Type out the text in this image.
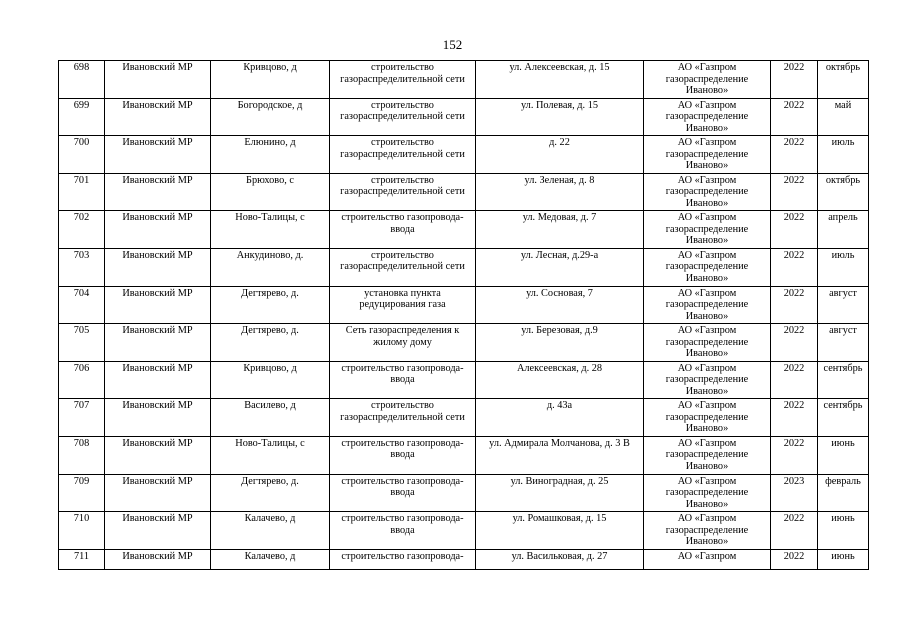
152
698	Ивановский МР	Кривцово, д	строительство газораспределительной сети	ул. Алексеевская, д. 15	АО «Газпром газораспределение Иваново»	2022	октябрь
699	Ивановский МР	Богородское, д	строительство газораспределительной сети	ул. Полевая, д. 15	АО «Газпром газораспределение Иваново»	2022	май
700	Ивановский МР	Елюнино, д	строительство газораспределительной сети	д. 22	АО «Газпром газораспределение Иваново»	2022	июль
701	Ивановский МР	Брюхово, с	строительство газораспределительной сети	ул. Зеленая, д. 8	АО «Газпром газораспределение Иваново»	2022	октябрь
702	Ивановский МР	Ново-Талицы, с	строительство газопровода-ввода	ул. Медовая, д. 7	АО «Газпром газораспределение Иваново»	2022	апрель
703	Ивановский МР	Анкудиново, д.	строительство газораспределительной сети	ул. Лесная, д.29-а	АО «Газпром газораспределение Иваново»	2022	июль
704	Ивановский МР	Дегтярево, д.	установка пункта редуцирования газа	ул. Сосновая, 7	АО «Газпром газораспределение Иваново»	2022	август
705	Ивановский МР	Дегтярево, д.	Сеть газораспределения к жилому дому	ул. Березовая, д.9	АО «Газпром газораспределение Иваново»	2022	август
706	Ивановский МР	Кривцово, д	строительство газопровода-ввода	Алексеевская, д. 28	АО «Газпром газораспределение Иваново»	2022	сентябрь
707	Ивановский МР	Василево, д	строительство газораспределительной сети	д. 43а	АО «Газпром газораспределение Иваново»	2022	сентябрь
708	Ивановский МР	Ново-Талицы, с	строительство газопровода-ввода	ул. Адмирала Молчанова, д. 3 В	АО «Газпром газораспределение Иваново»	2022	июнь
709	Ивановский МР	Дегтярево, д.	строительство газопровода-ввода	ул. Виноградная, д. 25	АО «Газпром газораспределение Иваново»	2023	февраль
710	Ивановский МР	Калачево, д	строительство газопровода-ввода	ул. Ромашковая, д. 15	АО «Газпром газораспределение Иваново»	2022	июнь
711	Ивановский МР	Калачево, д	строительство газопровода-	ул. Васильковая, д. 27	АО «Газпром	2022	июнь
